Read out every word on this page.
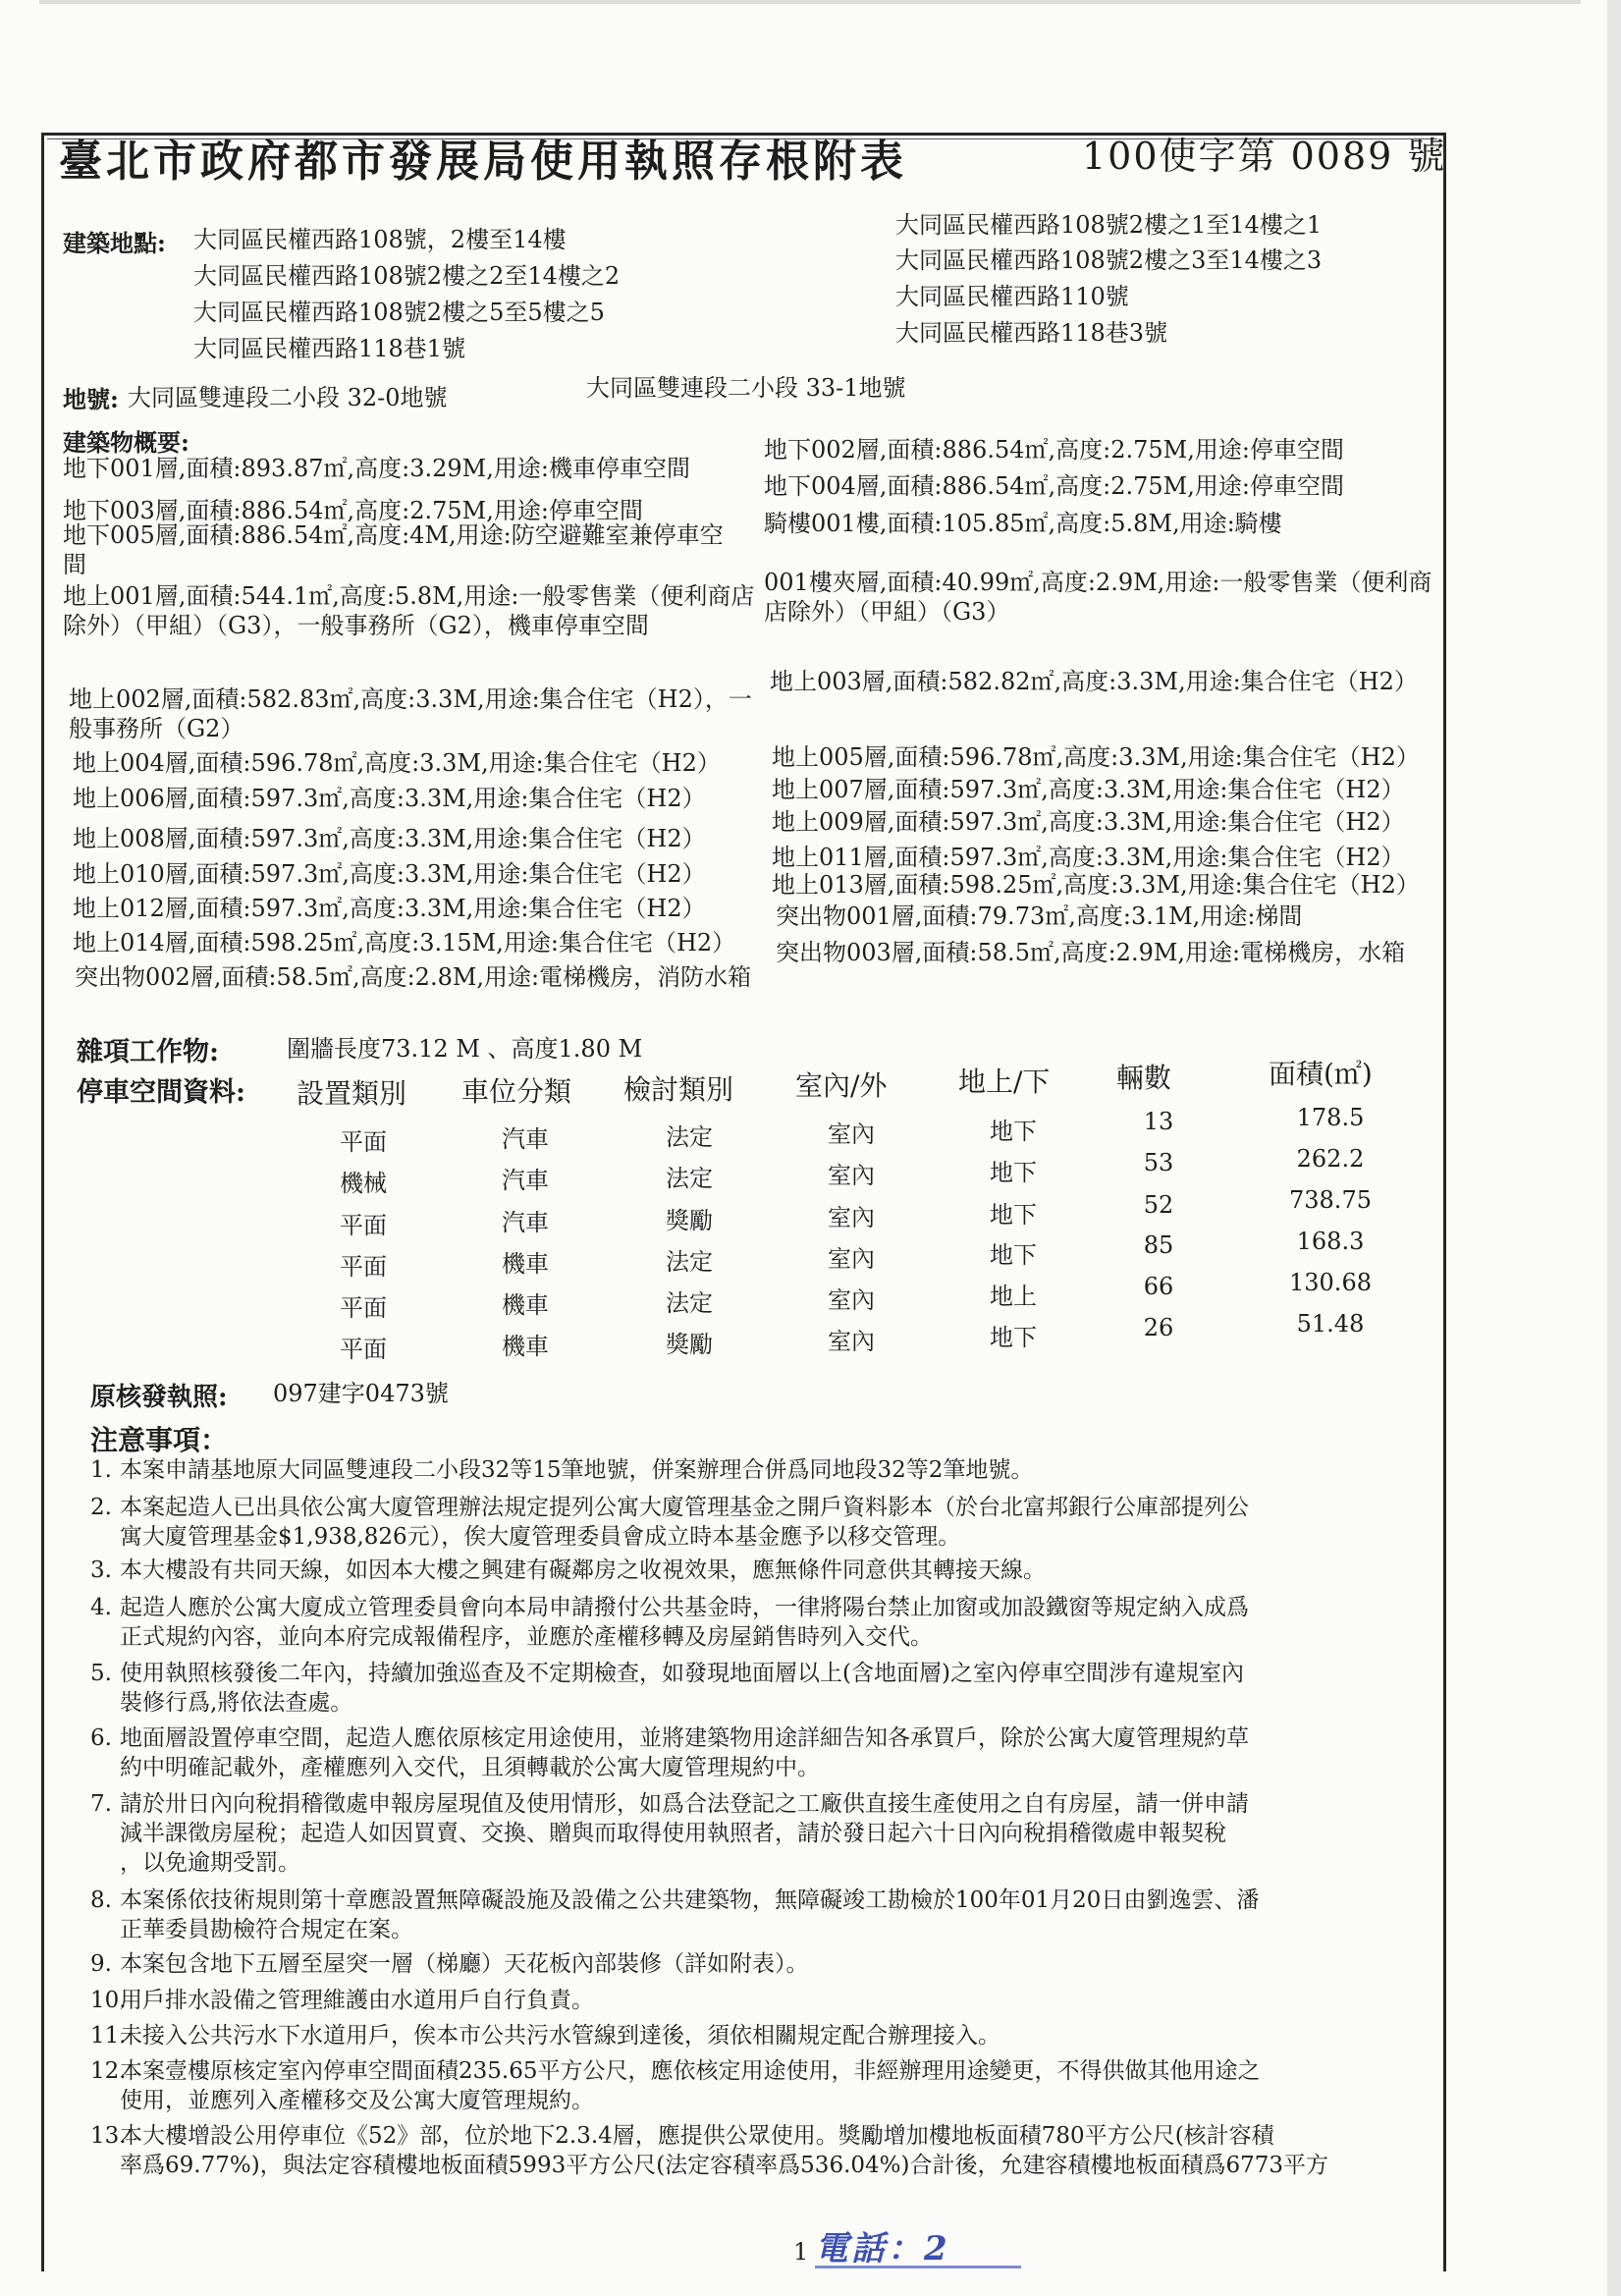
臺北市政府都市發展局使用執照存根附表	100使字第 0089 號
建築地點: 大同區民權西路108號，2樓至14樓
大同區民權西路108號2樓之2至14樓之2
大同區民權西路108號2樓之5至5樓之5
大同區民權西路118巷1號
大同區民權西路108號2樓之1至14樓之1
大同區民權西路108號2樓之3至14樓之3
大同區民權西路110號
大同區民權西路118巷3號
地號: 大同區雙連段二小段 32-0地號	大同區雙連段二小段 33-1地號
建築物概要:
地下001層,面積:893.87㎡,高度:3.29M,用途:機車停車空間
地下003層,面積:886.54㎡,高度:2.75M,用途:停車空間
地下005層,面積:886.54㎡,高度:4M,用途:防空避難室兼停車空間
地上001層,面積:544.1㎡,高度:5.8M,用途:一般零售業（便利商店除外）（甲組）（G3），一般事務所（G2），機車停車空間
地上002層,面積:582.83㎡,高度:3.3M,用途:集合住宅（H2），一般事務所（G2）
地上004層,面積:596.78㎡,高度:3.3M,用途:集合住宅（H2）
地上006層,面積:597.3㎡,高度:3.3M,用途:集合住宅（H2）
地上008層,面積:597.3㎡,高度:3.3M,用途:集合住宅（H2）
地上010層,面積:597.3㎡,高度:3.3M,用途:集合住宅（H2）
地上012層,面積:597.3㎡,高度:3.3M,用途:集合住宅（H2）
地上014層,面積:598.25㎡,高度:3.15M,用途:集合住宅（H2）
突出物002層,面積:58.5㎡,高度:2.8M,用途:電梯機房，消防水箱
地下002層,面積:886.54㎡,高度:2.75M,用途:停車空間
地下004層,面積:886.54㎡,高度:2.75M,用途:停車空間
騎樓001樓,面積:105.85㎡,高度:5.8M,用途:騎樓
001樓夾層,面積:40.99㎡,高度:2.9M,用途:一般零售業（便利商店除外）（甲組）（G3）
地上003層,面積:582.82㎡,高度:3.3M,用途:集合住宅（H2）
地上005層,面積:596.78㎡,高度:3.3M,用途:集合住宅（H2）
地上007層,面積:597.3㎡,高度:3.3M,用途:集合住宅（H2）
地上009層,面積:597.3㎡,高度:3.3M,用途:集合住宅（H2）
地上011層,面積:597.3㎡,高度:3.3M,用途:集合住宅（H2）
地上013層,面積:598.25㎡,高度:3.3M,用途:集合住宅（H2）
突出物001層,面積:79.73㎡,高度:3.1M,用途:梯間
突出物003層,面積:58.5㎡,高度:2.9M,用途:電梯機房，水箱
雜項工作物:	圍牆長度73.12 M 、高度1.80 M
停車空間資料: 設置類別 車位分類 檢討類別 室內/外	地上/下 輛數	面積(㎡)
平面	汽車	法定	室內	地下	13	178.5
機械	汽車	法定	室內	地下	53	262.2
平面	汽車	獎勵	室內	地下	52	738.75
平面	機車	法定	室內	地下	85	168.3
平面	機車	法定	室內	地上	66	130.68
平面	機車	獎勵	室內	地下	26	51.48
原核發執照: 097建字0473號
注意事項：
1. 本案申請基地原大同區雙連段二小段32等15筆地號，併案辦理合併爲同地段32等2筆地號。
2. 本案起造人已出具依公寓大廈管理辦法規定提列公寓大廈管理基金之開戶資料影本（於台北富邦銀行公庫部提列公
寓大廈管理基金$1,938,826元），俟大廈管理委員會成立時本基金應予以移交管理。
3. 本大樓設有共同天線，如因本大樓之興建有礙鄰房之收視效果，應無條件同意供其轉接天線。
4. 起造人應於公寓大廈成立管理委員會向本局申請撥付公共基金時，一律將陽台禁止加窗或加設鐵窗等規定納入成爲
正式規約內容，並向本府完成報備程序，並應於產權移轉及房屋銷售時列入交代。
5. 使用執照核發後二年內，持續加強巡查及不定期檢查，如發現地面層以上(含地面層)之室內停車空間涉有違規室內
裝修行爲,將依法查處。
6. 地面層設置停車空間，起造人應依原核定用途使用，並將建築物用途詳細告知各承買戶，除於公寓大廈管理規約草
約中明確記載外，產權應列入交代，且須轉載於公寓大廈管理規約中。
7. 請於卅日內向稅捐稽徵處申報房屋現值及使用情形，如爲合法登記之工廠供直接生產使用之自有房屋，請一併申請
減半課徵房屋稅；起造人如因買賣、交換、贈與而取得使用執照者，請於發日起六十日內向稅捐稽徵處申報契稅
，以免逾期受罰。
8. 本案係依技術規則第十章應設置無障礙設施及設備之公共建築物，無障礙竣工勘檢於100年01月20日由劉逸雲、潘
正華委員勘檢符合規定在案。
9. 本案包含地下五層至屋突一層（梯廳）天花板內部裝修（詳如附表）。
10.
用戶排水設備之管理維護由水道用戶自行負責。
11.
未接入公共污水下水道用戶，俟本市公共污水管線到達後，須依相關規定配合辦理接入。
12.
本案壹樓原核定室內停車空間面積235.65平方公尺，應依核定用途使用，非經辦理用途變更，不得供做其他用途之
使用，並應列入產權移交及公寓大廈管理規約。
13.
本大樓增設公用停車位《52》部，位於地下2.3.4層，應提供公眾使用。獎勵增加樓地板面積780平方公尺(核計容積
率爲69.77%)，與法定容積樓地板面積5993平方公尺(法定容積率爲536.04%)合計後，允建容積樓地板面積爲6773平方
1 電話：2
